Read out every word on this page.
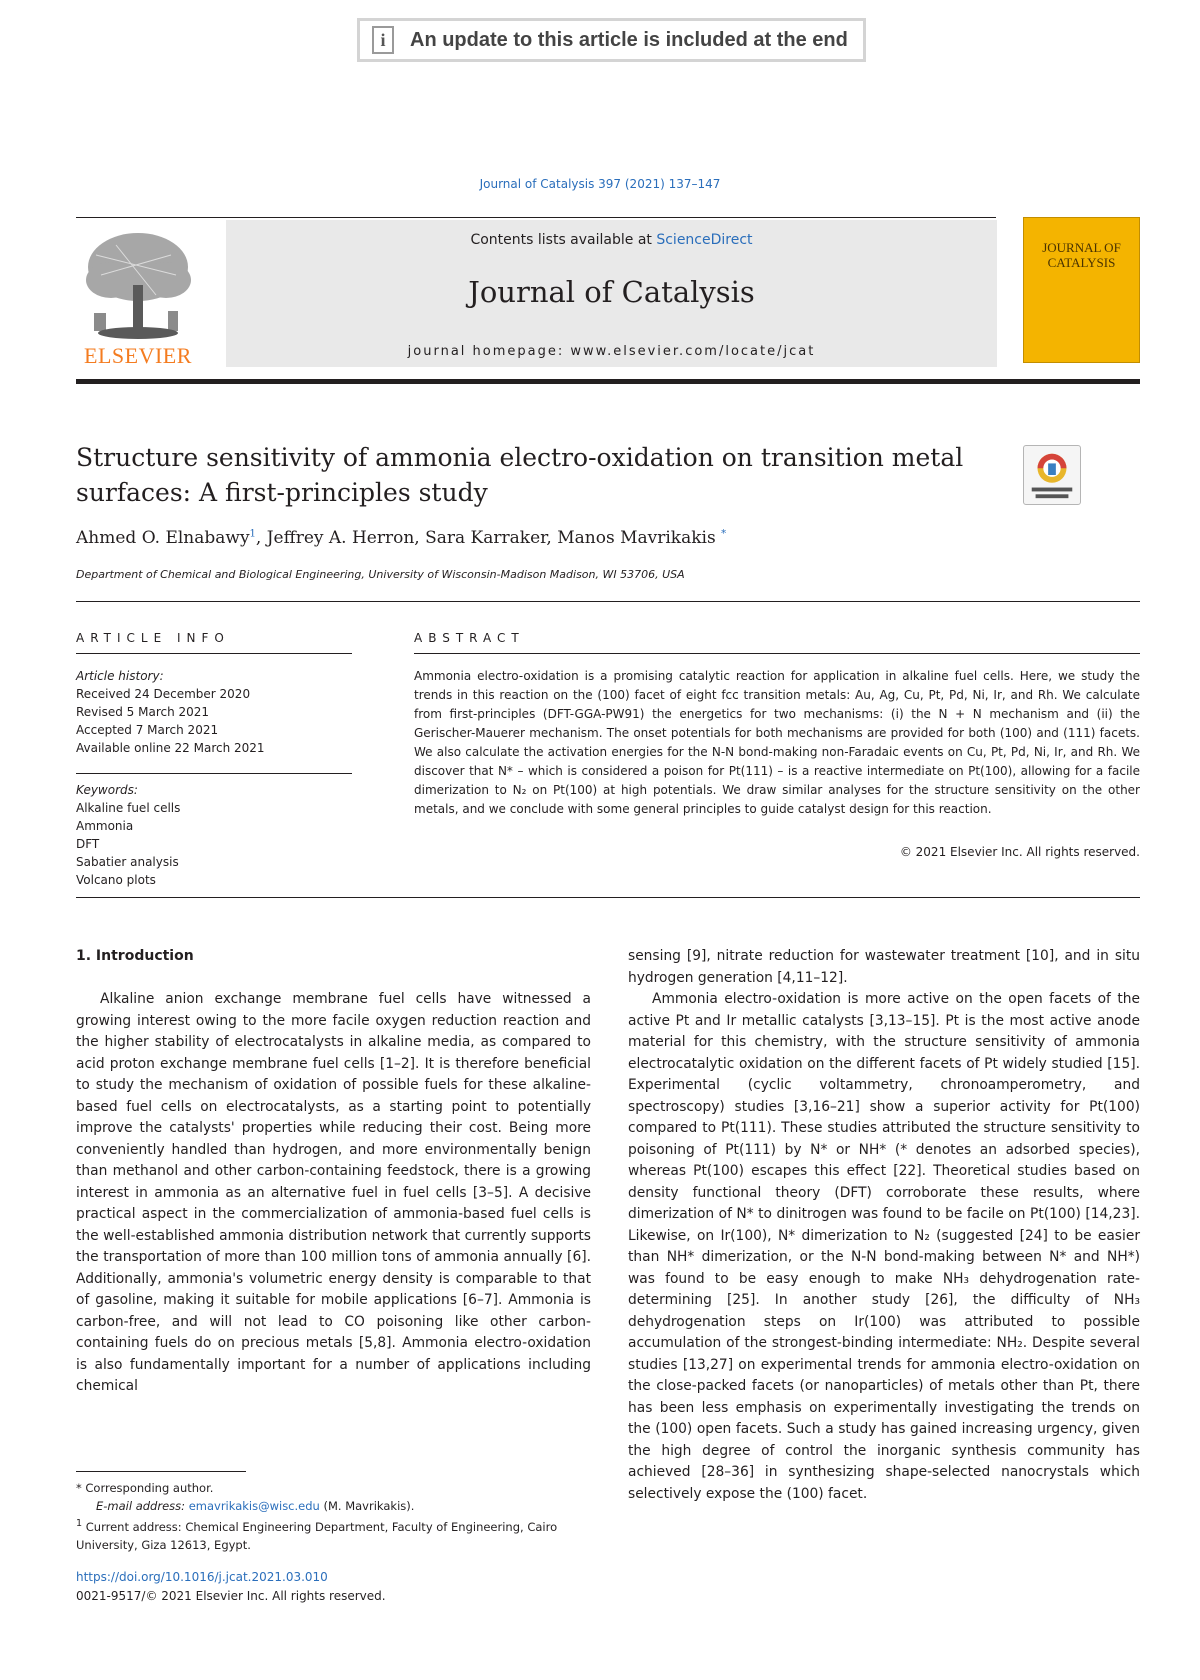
i	An update to this article is included at the end
Journal of Catalysis 397 (2021) 137–147
ELSEVIER
Contents lists available at ScienceDirect
Journal of Catalysis
journal homepage: www.elsevier.com/locate/jcat
JOURNAL OF
CATALYSIS
Structure sensitivity of ammonia electro-oxidation on transition metal
surfaces: A first-principles study
Ahmed O. Elnabawy$^1$, Jeffrey A. Herron, Sara Karraker, Manos Mavrikakis *
Department of Chemical and Biological Engineering, University of Wisconsin-Madison Madison, WI 53706, USA
ARTICLE INFO	ABSTRACT
Article history:
Received 24 December 2020
Revised 5 March 2021
Accepted 7 March 2021
Available online 22 March 2021
Keywords:
Alkaline fuel cells
Ammonia
DFT
Sabatier analysis
Volcano plots
Ammonia electro-oxidation is a promising catalytic reaction for application in alkaline fuel cells. Here, we study the trends in this reaction on the (100) facet of eight fcc transition metals: Au, Ag, Cu, Pt, Pd, Ni, Ir, and Rh. We calculate from first-principles (DFT-GGA-PW91) the energetics for two mechanisms: (i) the N + N mechanism and (ii) the Gerischer-Mauerer mechanism. The onset potentials for both mechanisms are provided for both (100) and (111) facets. We also calculate the activation energies for the N-N bond-making non-Faradaic events on Cu, Pt, Pd, Ni, Ir, and Rh. We discover that N* – which is considered a poison for Pt(111) – is a reactive intermediate on Pt(100), allowing for a facile dimerization to N₂ on Pt(100) at high potentials. We draw similar analyses for the structure sensitivity on the other metals, and we conclude with some general principles to guide catalyst design for this reaction.
© 2021 Elsevier Inc. All rights reserved.
1. Introduction

Alkaline anion exchange membrane fuel cells have witnessed a growing interest owing to the more facile oxygen reduction reaction and the higher stability of electrocatalysts in alkaline media, as compared to acid proton exchange membrane fuel cells [1–2]. It is therefore beneficial to study the mechanism of oxidation of possible fuels for these alkaline-based fuel cells on electrocatalysts, as a starting point to potentially improve the catalysts' properties while reducing their cost. Being more conveniently handled than hydrogen, and more environmentally benign than methanol and other carbon-containing feedstock, there is a growing interest in ammonia as an alternative fuel in fuel cells [3–5]. A decisive practical aspect in the commercialization of ammonia-based fuel cells is the well-established ammonia distribution network that currently supports the transportation of more than 100 million tons of ammonia annually [6]. Additionally, ammonia's volumetric energy density is comparable to that of gasoline, making it suitable for mobile applications [6–7]. Ammonia is carbon-free, and will not lead to CO poisoning like other carbon-containing fuels do on precious metals [5,8]. Ammonia electro-oxidation is also fundamentally important for a number of applications including chemical

sensing [9], nitrate reduction for wastewater treatment [10], and in situ hydrogen generation [4,11–12].

Ammonia electro-oxidation is more active on the open facets of the active Pt and Ir metallic catalysts [3,13–15]. Pt is the most active anode material for this chemistry, with the structure sensitivity of ammonia electrocatalytic oxidation on the different facets of Pt widely studied [15]. Experimental (cyclic voltammetry, chronoamperometry, and spectroscopy) studies [3,16–21] show a superior activity for Pt(100) compared to Pt(111). These studies attributed the structure sensitivity to poisoning of Pt(111) by N* or NH* (* denotes an adsorbed species), whereas Pt(100) escapes this effect [22]. Theoretical studies based on density functional theory (DFT) corroborate these results, where dimerization of N* to dinitrogen was found to be facile on Pt(100) [14,23]. Likewise, on Ir(100), N* dimerization to N₂ (suggested [24] to be easier than NH* dimerization, or the N-N bond-making between N* and NH*) was found to be easy enough to make NH₃ dehydrogenation rate-determining [25]. In another study [26], the difficulty of NH₃ dehydrogenation steps on Ir(100) was attributed to possible accumulation of the strongest-binding intermediate: NH₂. Despite several studies [13,27] on experimental trends for ammonia electro-oxidation on the close-packed facets (or nanoparticles) of metals other than Pt, there has been less emphasis on experimentally investigating the trends on the (100) open facets. Such a study has gained increasing urgency, given the high degree of control the inorganic synthesis community has achieved [28–36] in synthesizing shape-selected nanocrystals which selectively expose the (100) facet.

* Corresponding author.
E-mail address: emavrikakis@wisc.edu (M. Mavrikakis).
$^1$ Current address: Chemical Engineering Department, Faculty of Engineering, Cairo University, Giza 12613, Egypt.
https://doi.org/10.1016/j.jcat.2021.03.010
0021-9517/© 2021 Elsevier Inc. All rights reserved.
